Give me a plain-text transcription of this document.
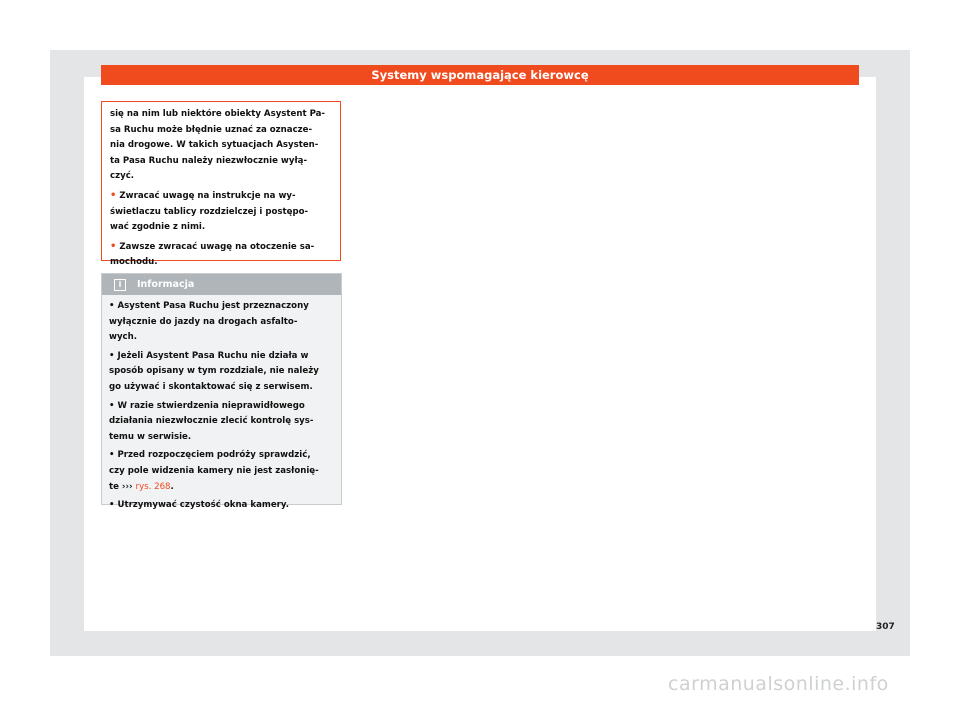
Systemy wspomagające kierowcę

się na nim lub niektóre obiekty Asystent Pa-
sa Ruchu może błędnie uznać za oznacze-
nia drogowe. W takich sytuacjach Asysten-
ta Pasa Ruchu należy niezwłocznie wyłą-
czyć.

• Zwracać uwagę na instrukcje na wy-
świetlaczu tablicy rozdzielczej i postępo-
wać zgodnie z nimi.

• Zawsze zwracać uwagę na otoczenie sa-
mochodu.

i	Informacja

• Asystent Pasa Ruchu jest przeznaczony
wyłącznie do jazdy na drogach asfalto-
wych.

• Jeżeli Asystent Pasa Ruchu nie działa w
sposób opisany w tym rozdziale, nie należy
go używać i skontaktować się z serwisem.

• W razie stwierdzenia nieprawidłowego
działania niezwłocznie zlecić kontrolę sys-
temu w serwisie.

• Przed rozpoczęciem podróży sprawdzić,
czy pole widzenia kamery nie jest zasłonię-
te ››› rys. 268.

• Utrzymywać czystość okna kamery.

307
carmanualsonline.info
